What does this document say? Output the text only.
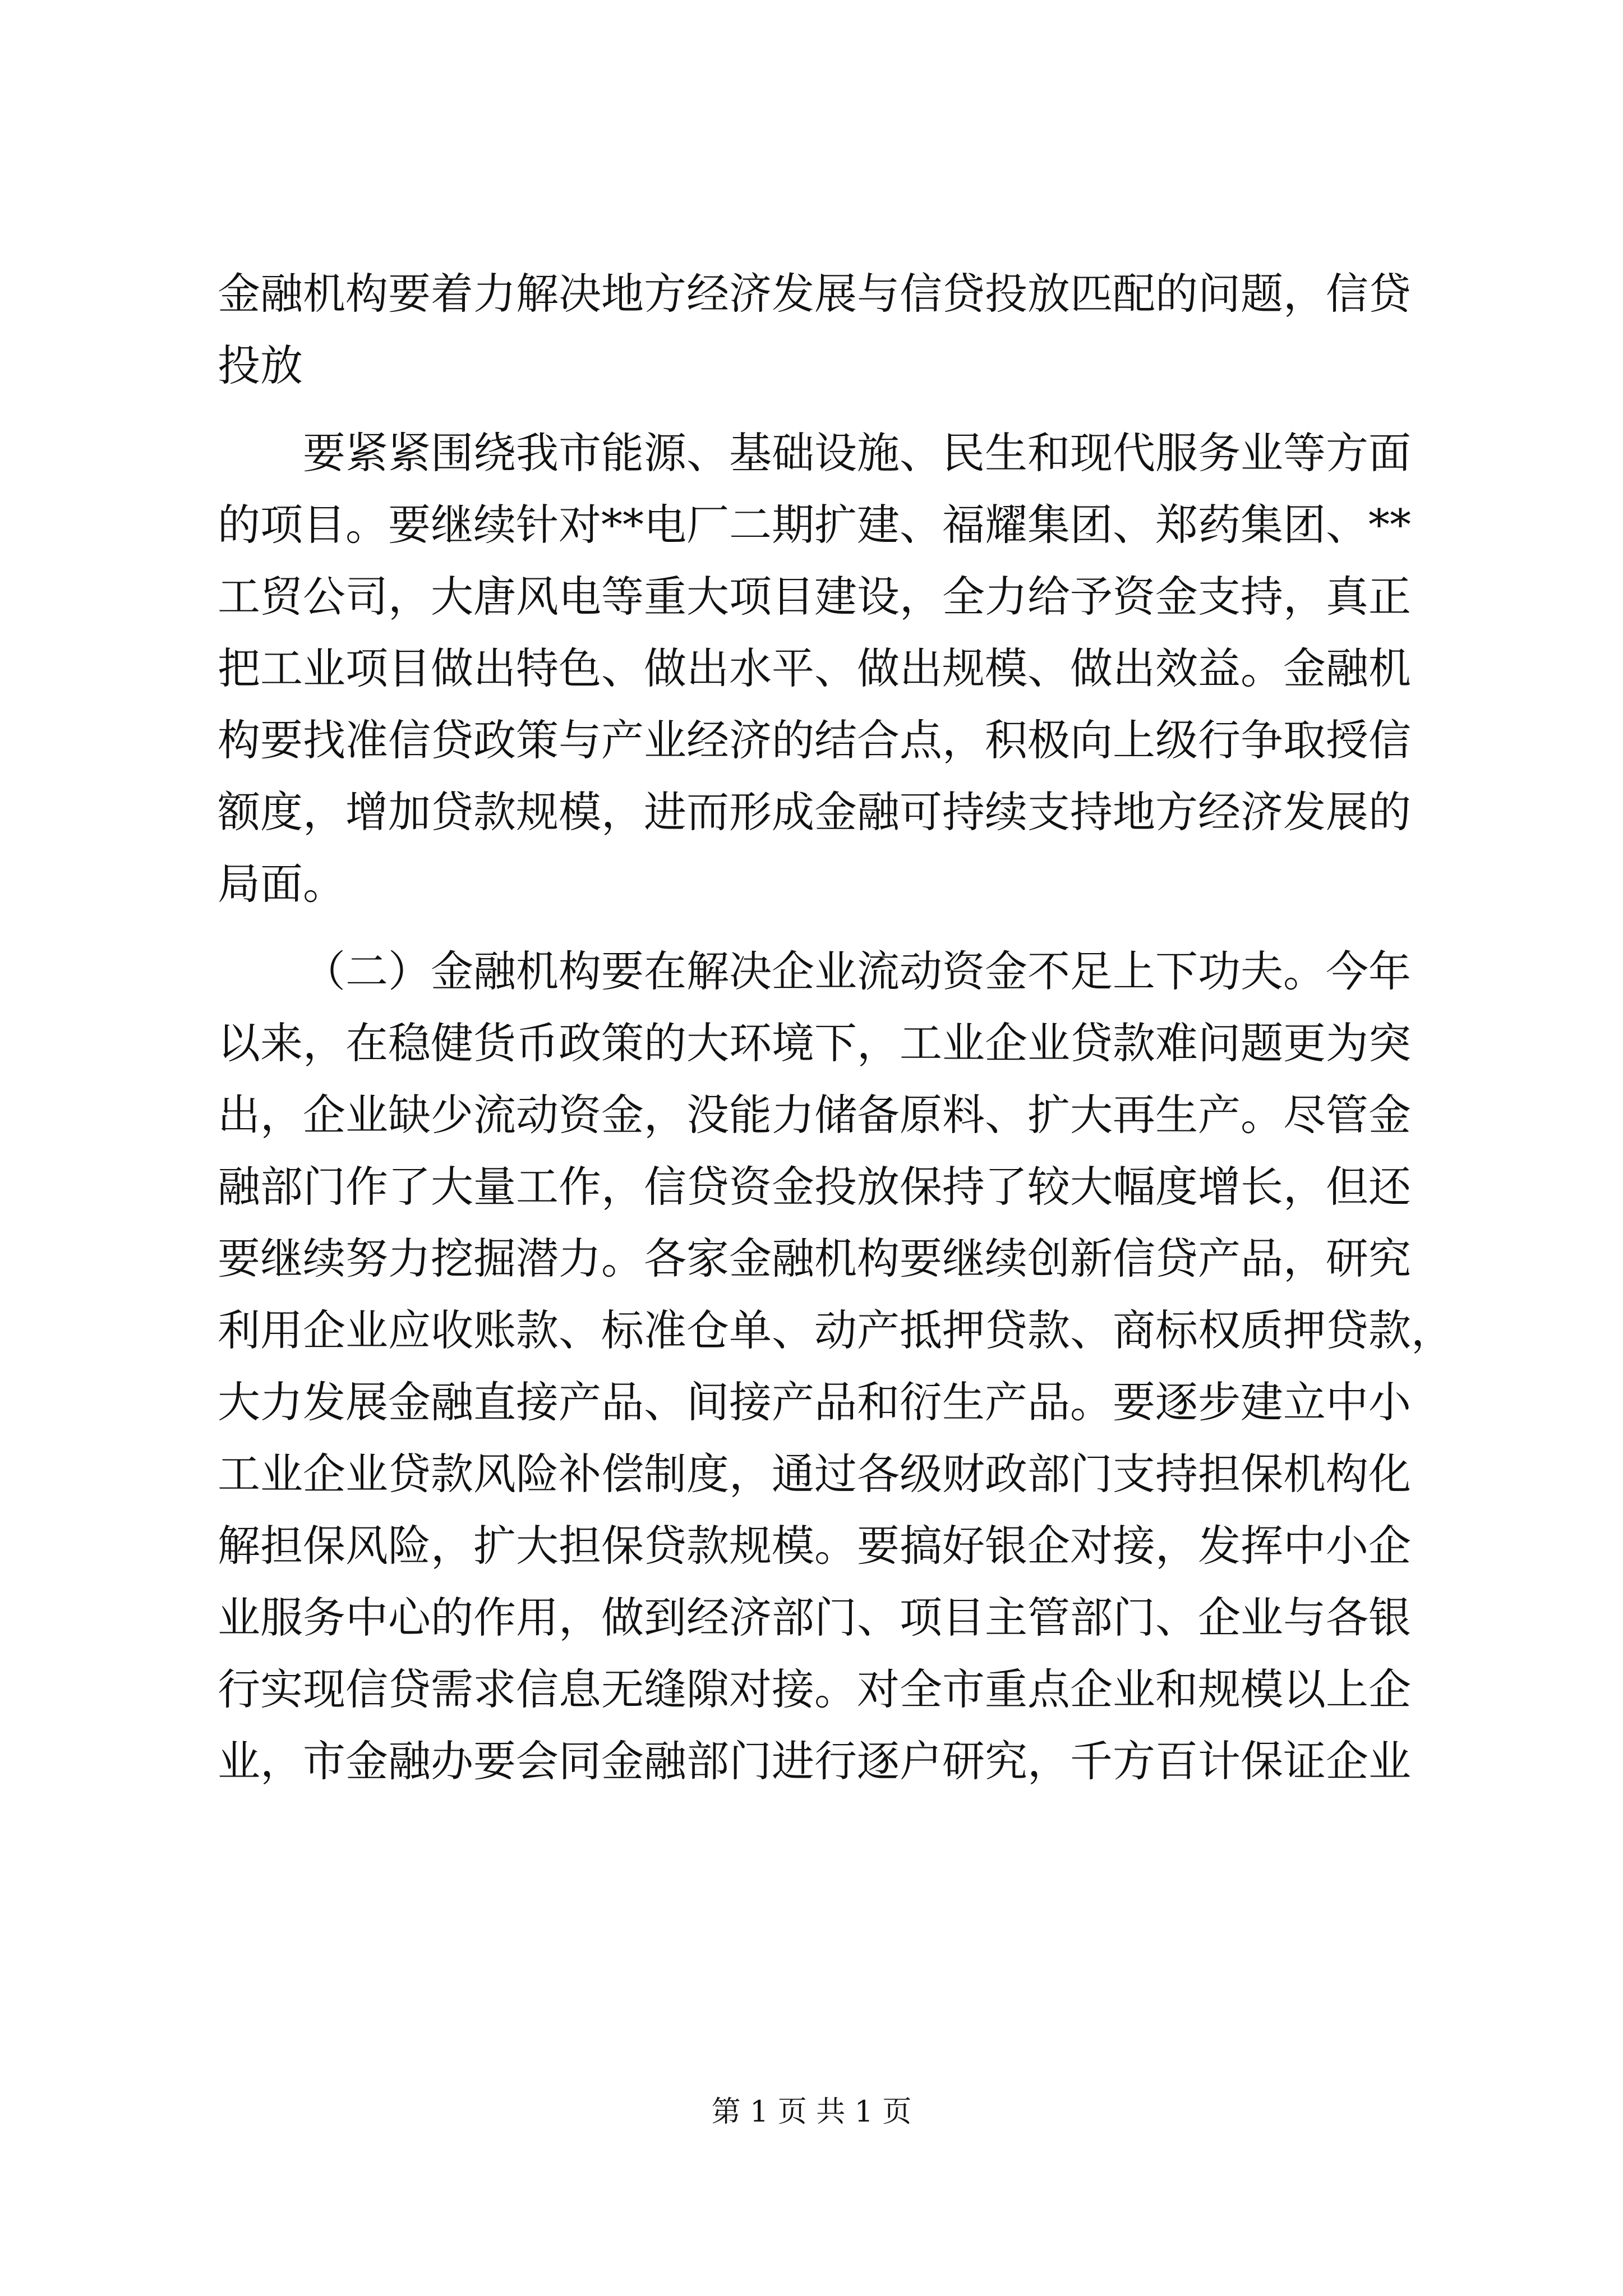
金融机构要着力解决地方经济发展与信贷投放匹配的问题，信贷
投放
要紧紧围绕我市能源、基础设施、民生和现代服务业等方面
的项目。要继续针对**电厂二期扩建、福耀集团、郑药集团、**
工贸公司，大唐风电等重大项目建设，全力给予资金支持，真正
把工业项目做出特色、做出水平、做出规模、做出效益。金融机
构要找准信贷政策与产业经济的结合点，积极向上级行争取授信
额度，增加贷款规模，进而形成金融可持续支持地方经济发展的
局面。
（二）金融机构要在解决企业流动资金不足上下功夫。今年
以来，在稳健货币政策的大环境下，工业企业贷款难问题更为突
出，企业缺少流动资金，没能力储备原料、扩大再生产。尽管金
融部门作了大量工作，信贷资金投放保持了较大幅度增长，但还
要继续努力挖掘潜力。各家金融机构要继续创新信贷产品，研究
利用企业应收账款、标准仓单、动产抵押贷款、商标权质押贷款，
大力发展金融直接产品、间接产品和衍生产品。要逐步建立中小
工业企业贷款风险补偿制度，通过各级财政部门支持担保机构化
解担保风险，扩大担保贷款规模。要搞好银企对接，发挥中小企
业服务中心的作用，做到经济部门、项目主管部门、企业与各银
行实现信贷需求信息无缝隙对接。对全市重点企业和规模以上企
业，市金融办要会同金融部门进行逐户研究，千方百计保证企业
第 1 页 共 1 页
